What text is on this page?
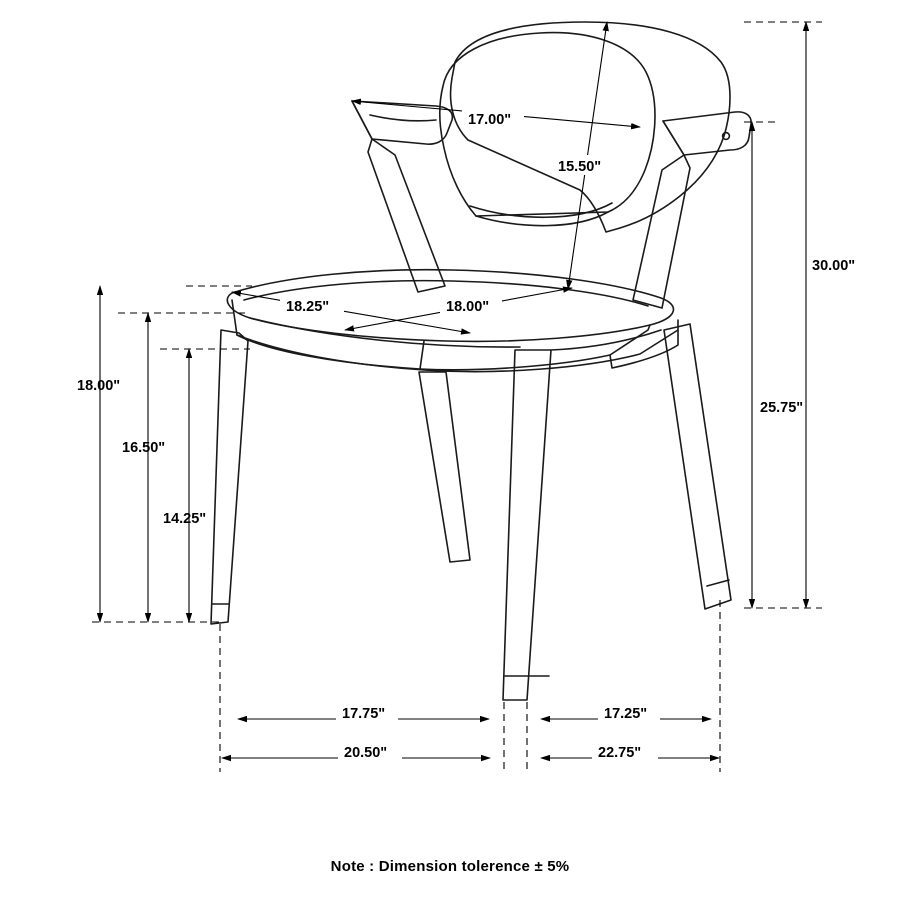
17.00"
15.50"
18.25"	18.00"
30.00"
25.75"
18.00"
16.50"
14.25"
17.75"	17.25"
20.50"	22.75"
Note : Dimension tolerence ± 5%
